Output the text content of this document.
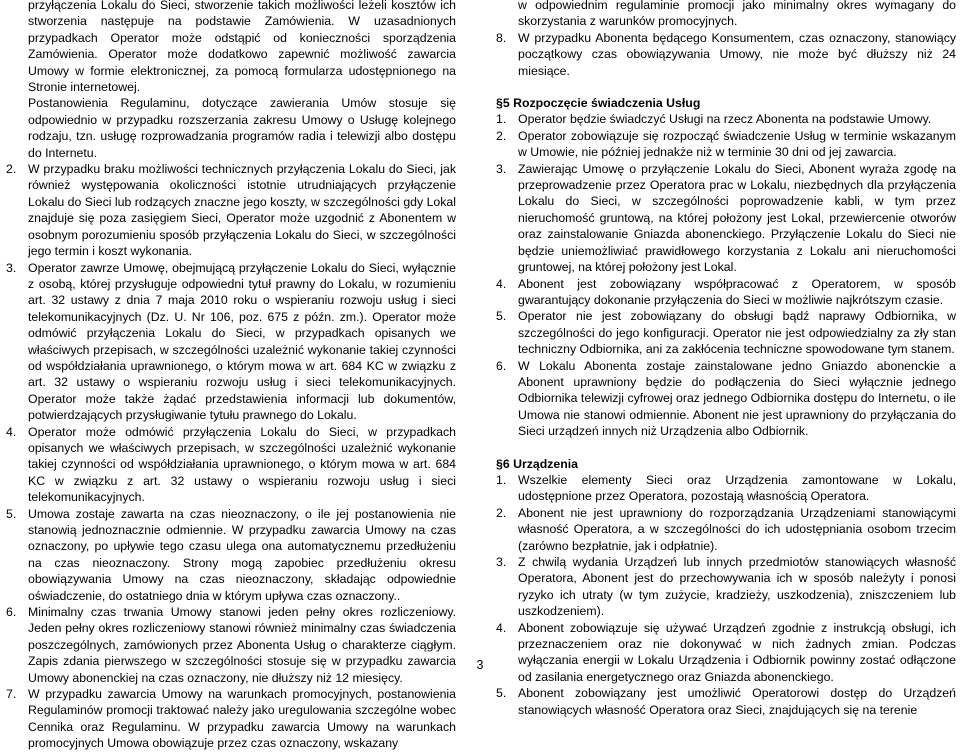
przyłączenia Lokalu do Sieci, stworzenie takich możliwości leżeli kosztów ich stworzenia następuje na podstawie Zamówienia. W uzasadnionych przypadkach Operator może odstąpić od konieczności sporządzenia Zamówienia. Operator może dodatkowo zapewnić możliwość zawarcia Umowy w formie elektronicznej, za pomocą formularza udostępnionego na Stronie internetowej.

Postanowienia Regulaminu, dotyczące zawierania Umów stosuje się odpowiednio w przypadku rozszerzania zakresu Umowy o Usługę kolejnego rodzaju, tzn. usługę rozprowadzania programów radia i telewizji albo dostępu do Internetu.

2. W przypadku braku możliwości technicznych przyłączenia Lokalu do Sieci, jak również występowania okoliczności istotnie utrudniających przyłączenie Lokalu do Sieci lub rodzących znaczne jego koszty, w szczególności gdy Lokal znajduje się poza zasięgiem Sieci, Operator może uzgodnić z Abonentem w osobnym porozumieniu sposób przyłączenia Lokalu do Sieci, w szczególności jego termin i koszt wykonania.
3. Operator zawrze Umowę, obejmującą przyłączenie Lokalu do Sieci, wyłącznie z osobą, której przysługuje odpowiedni tytuł prawny do Lokalu, w rozumieniu art. 32 ustawy z dnia 7 maja 2010 roku o wspieraniu rozwoju usług i sieci telekomunikacyjnych (Dz. U. Nr 106, poz. 675 z późn. zm.). Operator może odmówić przyłączenia Lokalu do Sieci, w przypadkach opisanych we właściwych przepisach, w szczególności uzależnić wykonanie takiej czynności od współdziałania uprawnionego, o którym mowa w art. 684 KC w związku z art. 32 ustawy o wspieraniu rozwoju usług i sieci telekomunikacyjnych. Operator może także żądać przedstawienia informacji lub dokumentów, potwierdzających przysługiwanie tytułu prawnego do Lokalu.
4. Operator może odmówić przyłączenia Lokalu do Sieci, w przypadkach opisanych we właściwych przepisach, w szczególności uzależnić wykonanie takiej czynności od współdziałania uprawnionego, o którym mowa w art. 684 KC w związku z art. 32 ustawy o wspieraniu rozwoju usług i sieci telekomunikacyjnych.
5. Umowa zostaje zawarta na czas nieoznaczony, o ile jej postanowienia nie stanowią jednoznacznie odmiennie. W przypadku zawarcia Umowy na czas oznaczony, po upływie tego czasu ulega ona automatycznemu przedłużeniu na czas nieoznaczony. Strony mogą zapobiec przedłużeniu okresu obowiązywania Umowy na czas nieoznaczony, składając odpowiednie oświadczenie, do ostatniego dnia w którym upływa czas oznaczony..
6. Minimalny czas trwania Umowy stanowi jeden pełny okres rozliczeniowy. Jeden pełny okres rozliczeniowy stanowi również minimalny czas świadczenia poszczególnych, zamówionych przez Abonenta Usług o charakterze ciągłym. Zapis zdania pierwszego w szczególności stosuje się w przypadku zawarcia Umowy abonenckiej na czas oznaczony, nie dłuższy niż 12 miesięcy.
7. W przypadku zawarcia Umowy na warunkach promocyjnych, postanowienia Regulaminów promocji traktować należy jako uregulowania szczególne wobec Cennika oraz Regulaminu. W przypadku zawarcia Umowy na warunkach promocyjnych Umowa obowiązuje przez czas oznaczony, wskazany

w odpowiednim regulaminie promocji jako minimalny okres wymagany do skorzystania z warunków promocyjnych.

8. W przypadku Abonenta będącego Konsumentem, czas oznaczony, stanowiący początkowy czas obowiązywania Umowy, nie może być dłuższy niż 24 miesiące.

§5 Rozpoczęcie świadczenia Usług

1. Operator będzie świadczyć Usługi na rzecz Abonenta na podstawie Umowy.
2. Operator zobowiązuje się rozpocząć świadczenie Usług w terminie wskazanym w Umowie, nie później jednakże niż w terminie 30 dni od jej zawarcia.
3. Zawierając Umowę o przyłączenie Lokalu do Sieci, Abonent wyraża zgodę na przeprowadzenie przez Operatora prac w Lokalu, niezbędnych dla przyłączenia Lokalu do Sieci, w szczególności poprowadzenie kabli, w tym przez nieruchomość gruntową, na której położony jest Lokal, przewiercenie otworów oraz zainstalowanie Gniazda abonenckiego. Przyłączenie Lokalu do Sieci nie będzie uniemożliwiać prawidłowego korzystania z Lokalu ani nieruchomości gruntowej, na której położony jest Lokal.
4. Abonent jest zobowiązany współpracować z Operatorem, w sposób gwarantujący dokonanie przyłączenia do Sieci w możliwie najkrótszym czasie.
5. Operator nie jest zobowiązany do obsługi bądź naprawy Odbiornika, w szczególności do jego konfiguracji. Operator nie jest odpowiedzialny za zły stan techniczny Odbiornika, ani za zakłócenia techniczne spowodowane tym stanem.
6. W Lokalu Abonenta zostaje zainstalowane jedno Gniazdo abonenckie a Abonent uprawniony będzie do podłączenia do Sieci wyłącznie jednego Odbiornika telewizji cyfrowej oraz jednego Odbiornika dostępu do Internetu, o ile Umowa nie stanowi odmiennie. Abonent nie jest uprawniony do przyłączania do Sieci urządzeń innych niż Urządzenia albo Odbiornik.

§6 Urządzenia

1. Wszelkie elementy Sieci oraz Urządzenia zamontowane w Lokalu, udostępnione przez Operatora, pozostają własnością Operatora.
2. Abonent nie jest uprawniony do rozporządzania Urządzeniami stanowiącymi własność Operatora, a w szczególności do ich udostępniania osobom trzecim (zarówno bezpłatnie, jak i odpłatnie).
3. Z chwilą wydania Urządzeń lub innych przedmiotów stanowiących własność Operatora, Abonent jest do przechowywania ich w sposób należyty i ponosi ryzyko ich utraty (w tym zużycie, kradzieży, uszkodzenia), zniszczeniem lub uszkodzeniem).
4. Abonent zobowiązuje się używać Urządzeń zgodnie z instrukcją obsługi, ich przeznaczeniem oraz nie dokonywać w nich żadnych zmian. Podczas wyłączania energii w Lokalu Urządzenia i Odbiornik powinny zostać odłączone od zasilania energetycznego oraz Gniazda abonenckiego.
5. Abonent zobowiązany jest umożliwić Operatorowi dostęp do Urządzeń stanowiących własność Operatora oraz Sieci, znajdujących się na terenie
3
